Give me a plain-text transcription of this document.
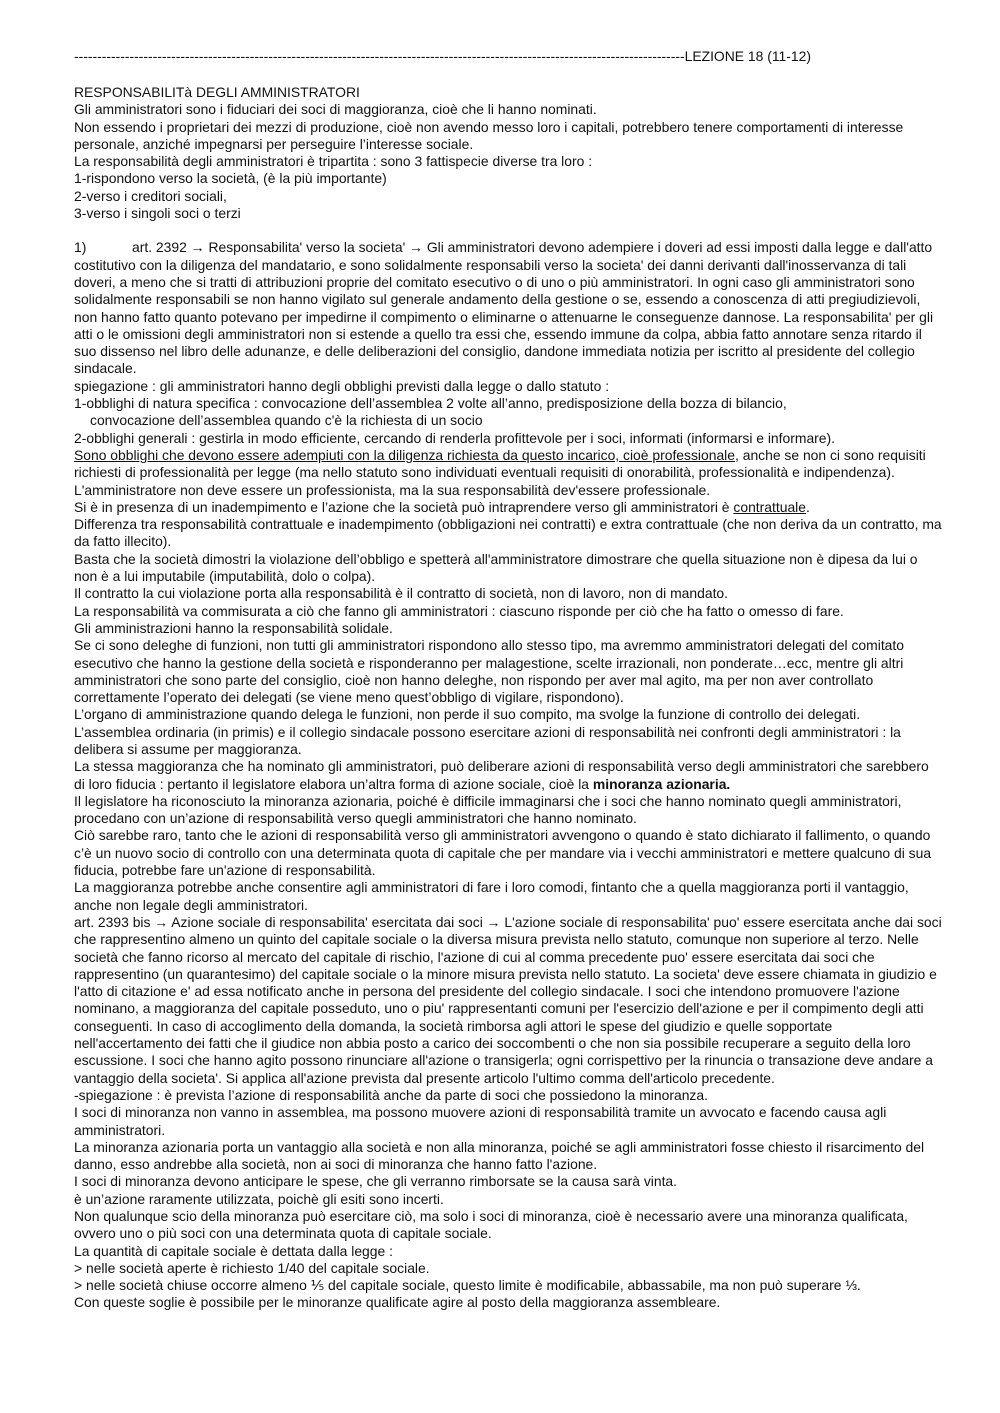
------------------------------------------------------------------------------------------------------------------------------------LEZIONE 18 (11-12)

RESPONSABILITà DEGLI AMMINISTRATORI

Gli amministratori sono i fiduciari dei soci di maggioranza, cioè che li hanno nominati.

Non essendo i proprietari dei mezzi di produzione, cioè non avendo messo loro i capitali, potrebbero tenere comportamenti di interesse personale, anziché impegnarsi per perseguire l’interesse sociale.

La responsabilità degli amministratori è tripartita : sono 3 fattispecie diverse tra loro :

1-rispondono verso la società, (è la più importante)

2-verso i creditori sociali,

3-verso i singoli soci o terzi

1)	art. 2392 → Responsabilita' verso la societa' → Gli amministratori devono adempiere i doveri ad essi imposti dalla legge e dall'atto costitutivo con la diligenza del mandatario, e sono solidalmente responsabili verso la societa' dei danni derivanti dall'inosservanza di tali doveri, a meno che si tratti di attribuzioni proprie del comitato esecutivo o di uno o più amministratori. In ogni caso gli amministratori sono solidalmente responsabili se non hanno vigilato sul generale andamento della gestione o se, essendo a conoscenza di atti pregiudizievoli, non hanno fatto quanto potevano per impedirne il compimento o eliminarne o attenuarne le conseguenze dannose. La responsabilita' per gli atti o le omissioni degli amministratori non si estende a quello tra essi che, essendo immune da colpa, abbia fatto annotare senza ritardo il suo dissenso nel libro delle adunanze, e delle deliberazioni del consiglio, dandone immediata notizia per iscritto al presidente del collegio sindacale.

spiegazione : gli amministratori hanno degli obblighi previsti dalla legge o dallo statuto :

1-obblighi di natura specifica : convocazione dell’assemblea 2 volte all’anno, predisposizione della bozza di bilancio,

convocazione dell’assemblea quando c'è la richiesta di un socio

2-obblighi generali : gestirla in modo efficiente, cercando di renderla profittevole per i soci, informati (informarsi e informare).

Sono obblighi che devono essere adempiuti con la diligenza richiesta da questo incarico, cioè professionale, anche se non ci sono requisiti richiesti di professionalità per legge (ma nello statuto sono individuati eventuali requisiti di onorabilità, professionalità e indipendenza).

L'amministratore non deve essere un professionista, ma la sua responsabilità dev'essere professionale.

Si è in presenza di un inadempimento e l’azione che la società può intraprendere verso gli amministratori è contrattuale.

Differenza tra responsabilità contrattuale e inadempimento (obbligazioni nei contratti) e extra contrattuale (che non deriva da un contratto, ma da fatto illecito).

Basta che la società dimostri la violazione dell’obbligo e spetterà all'amministratore dimostrare che quella situazione non è dipesa da lui o non è a lui imputabile (imputabilità, dolo o colpa).

Il contratto la cui violazione porta alla responsabilità è il contratto di società, non di lavoro, non di mandato.

La responsabilità va commisurata a ciò che fanno gli amministratori : ciascuno risponde per ciò che ha fatto o omesso di fare.

Gli amministrazioni hanno la responsabilità solidale.

Se ci sono deleghe di funzioni, non tutti gli amministratori rispondono allo stesso tipo, ma avremmo amministratori delegati del comitato esecutivo che hanno la gestione della società e risponderanno per malagestione, scelte irrazionali, non ponderate…ecc, mentre gli altri amministratori che sono parte del consiglio, cioè non hanno deleghe, non rispondo per aver mal agito, ma per non aver controllato correttamente l’operato dei delegati (se viene meno quest’obbligo di vigilare, rispondono).

L’organo di amministrazione quando delega le funzioni, non perde il suo compito, ma svolge la funzione di controllo dei delegati.

L’assemblea ordinaria (in primis) e il collegio sindacale possono esercitare azioni di responsabilità nei confronti degli amministratori : la delibera si assume per maggioranza.

La stessa maggioranza che ha nominato gli amministratori, può deliberare azioni di responsabilità verso degli amministratori che sarebbero di loro fiducia : pertanto il legislatore elabora un’altra forma di azione sociale, cioè la minoranza azionaria.

Il legislatore ha riconosciuto la minoranza azionaria, poiché è difficile immaginarsi che i soci che hanno nominato quegli amministratori, procedano con un’azione di responsabilità verso quegli amministratori che hanno nominato.

Ciò sarebbe raro, tanto che le azioni di responsabilità verso gli amministratori avvengono o quando è stato dichiarato il fallimento, o quando c’è un nuovo socio di controllo con una determinata quota di capitale che per mandare via i vecchi amministratori e mettere qualcuno di sua fiducia, potrebbe fare un'azione di responsabilità.

La maggioranza potrebbe anche consentire agli amministratori di fare i loro comodi, fintanto che a quella maggioranza porti il vantaggio, anche non legale degli amministratori.

art. 2393 bis → Azione sociale di responsabilita' esercitata dai soci → L'azione sociale di responsabilita' puo' essere esercitata anche dai soci che rappresentino almeno un quinto del capitale sociale o la diversa misura prevista nello statuto, comunque non superiore al terzo. Nelle società che fanno ricorso al mercato del capitale di rischio, l'azione di cui al comma precedente puo' essere esercitata dai soci che rappresentino (un quarantesimo) del capitale sociale o la minore misura prevista nello statuto. La societa' deve essere chiamata in giudizio e l'atto di citazione e' ad essa notificato anche in persona del presidente del collegio sindacale. I soci che intendono promuovere l'azione nominano, a maggioranza del capitale posseduto, uno o piu' rappresentanti comuni per l'esercizio dell'azione e per il compimento degli atti conseguenti. In caso di accoglimento della domanda, la società rimborsa agli attori le spese del giudizio e quelle sopportate nell'accertamento dei fatti che il giudice non abbia posto a carico dei soccombenti o che non sia possibile recuperare a seguito della loro escussione. I soci che hanno agito possono rinunciare all'azione o transigerla; ogni corrispettivo per la rinuncia o transazione deve andare a vantaggio della societa'. Si applica all'azione prevista dal presente articolo l'ultimo comma dell'articolo precedente.

-spiegazione : è prevista l’azione di responsabilità anche da parte di soci che possiedono la minoranza.

I soci di minoranza non vanno in assemblea, ma possono muovere azioni di responsabilità tramite un avvocato e facendo causa agli amministratori.

La minoranza azionaria porta un vantaggio alla società e non alla minoranza, poiché se agli amministratori fosse chiesto il risarcimento del danno, esso andrebbe alla società, non ai soci di minoranza che hanno fatto l'azione.

I soci di minoranza devono anticipare le spese, che gli verranno rimborsate se la causa sarà vinta.

è un’azione raramente utilizzata, poichè gli esiti sono incerti.

Non qualunque scio della minoranza può esercitare ciò, ma solo i soci di minoranza, cioè è necessario avere una minoranza qualificata, ovvero uno o più soci con una determinata quota di capitale sociale.

La quantità di capitale sociale è dettata dalla legge :

> nelle società aperte è richiesto 1/40 del capitale sociale.

> nelle società chiuse occorre almeno ⅕ del capitale sociale, questo limite è modificabile, abbassabile, ma non può superare ⅓.

Con queste soglie è possibile per le minoranze qualificate agire al posto della maggioranza assembleare.
